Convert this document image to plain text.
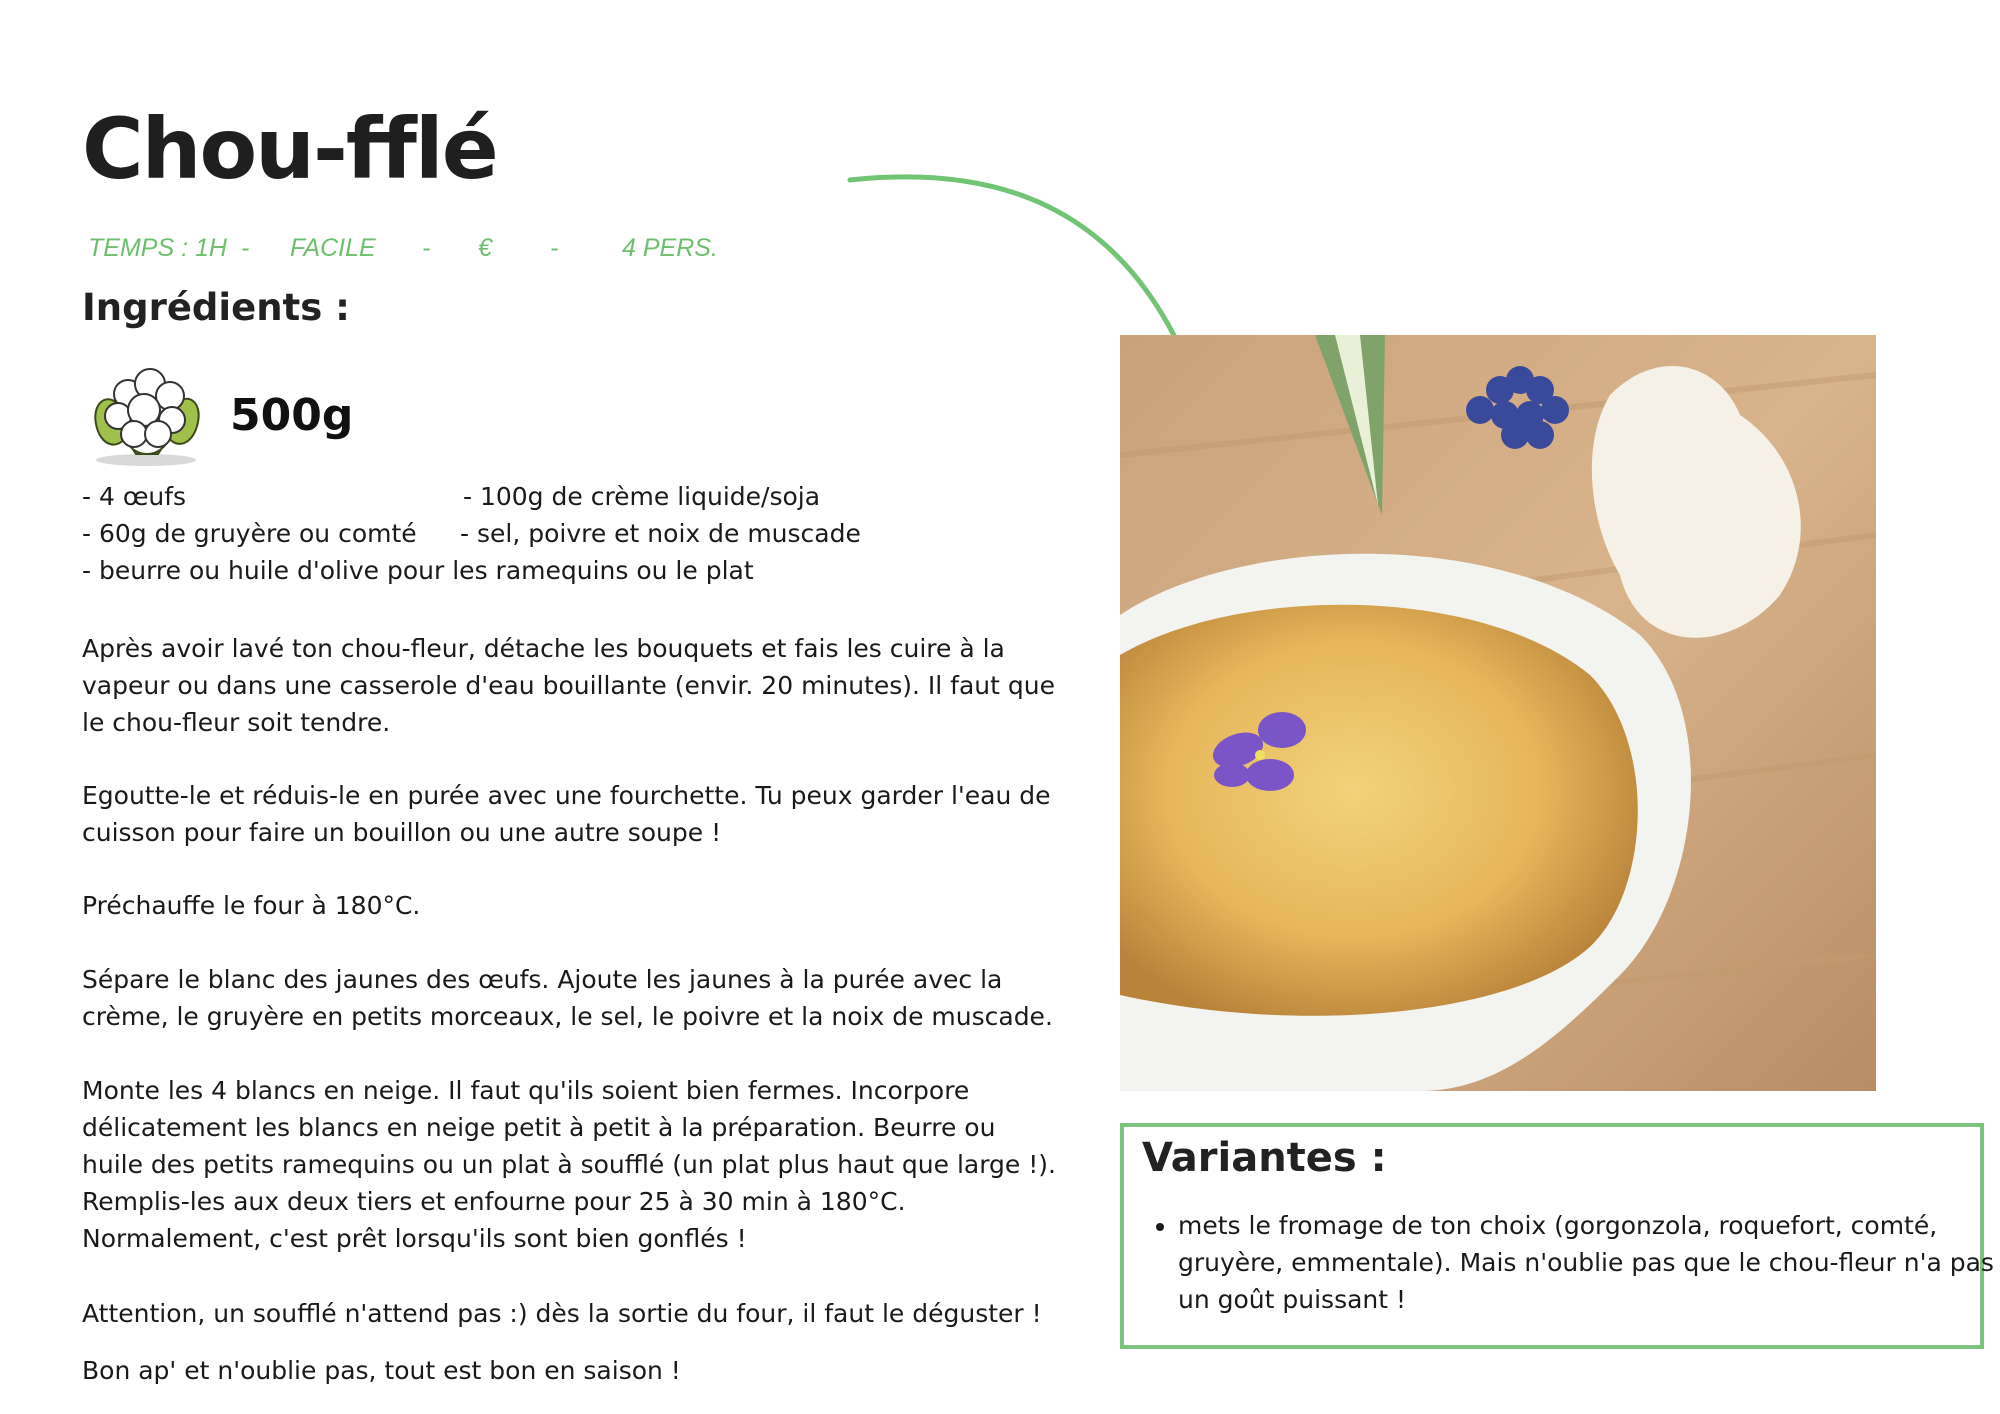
Chou-fflé
TEMPS : 1H - FACILE - € -	4 PERS.
Ingrédients :
500g
- 4 œufs
- 60g de gruyère ou comté
- beurre ou huile d'olive pour les ramequins ou le plat
- 100g de crème liquide/soja
- sel, poivre et noix de muscade

Après avoir lavé ton chou-fleur, détache les bouquets et fais les cuire à la vapeur ou dans une casserole d'eau bouillante (envir. 20 minutes). Il faut que le chou-fleur soit tendre.

Egoutte-le et réduis-le en purée avec une fourchette. Tu peux garder l'eau de cuisson pour faire un bouillon ou une autre soupe !

Préchauffe le four à 180°C.

Sépare le blanc des jaunes des œufs. Ajoute les jaunes à la purée avec la crème, le gruyère en petits morceaux, le sel, le poivre et la noix de muscade.

Monte les 4 blancs en neige. Il faut qu'ils soient bien fermes. Incorpore délicatement les blancs en neige petit à petit à la préparation. Beurre ou huile des petits ramequins ou un plat à soufflé (un plat plus haut que large !). Remplis-les aux deux tiers et enfourne pour 25 à 30 min à 180°C. Normalement, c'est prêt lorsqu'ils sont bien gonflés !

Attention, un soufflé n'attend pas :) dès la sortie du four, il faut le déguster !

Bon ap' et n'oublie pas, tout est bon en saison !

Variantes :
• mets le fromage de ton choix (gorgonzola, roquefort, comté, gruyère, emmentale). Mais n'oublie pas que le chou-fleur n'a pas un goût puissant !
